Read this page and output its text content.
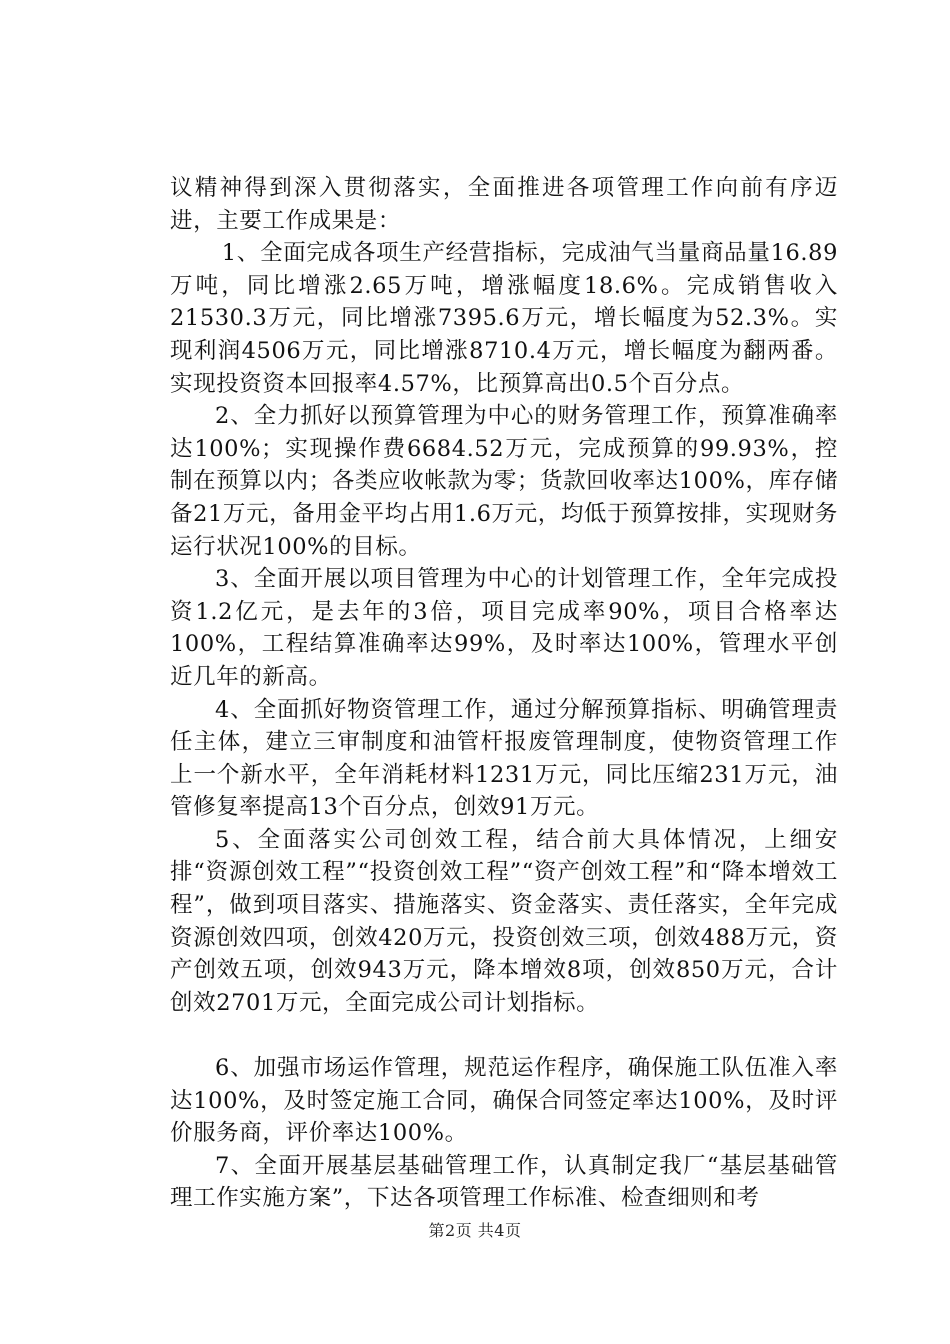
议精神得到深入贯彻落实，全面推进各项管理工作向前有序迈进，主要工作成果是：

1、全面完成各项生产经营指标，完成油气当量商品量16.89万吨，同比增涨2.65万吨，增涨幅度18.6%。完成销售收入21530.3万元，同比增涨7395.6万元，增长幅度为52.3%。实现利润4506万元，同比增涨8710.4万元，增长幅度为翻两番。实现投资资本回报率4.57%，比预算高出0.5个百分点。

2、全力抓好以预算管理为中心的财务管理工作，预算准确率达100%；实现操作费6684.52万元，完成预算的99.93%，控制在预算以内；各类应收帐款为零；货款回收率达100%，库存储备21万元，备用金平均占用1.6万元，均低于预算按排，实现财务运行状况100%的目标。

3、全面开展以项目管理为中心的计划管理工作，全年完成投资1.2亿元，是去年的3倍，项目完成率90%，项目合格率达100%，工程结算准确率达99%，及时率达100%，管理水平创近几年的新高。

4、全面抓好物资管理工作，通过分解预算指标、明确管理责任主体，建立三审制度和油管杆报废管理制度，使物资管理工作上一个新水平，全年消耗材料1231万元，同比压缩231万元，油管修复率提高13个百分点，创效91万元。

5、全面落实公司创效工程，结合前大具体情况，上细安排“资源创效工程”“投资创效工程”“资产创效工程”和“降本增效工程”，做到项目落实、措施落实、资金落实、责任落实，全年完成资源创效四项，创效420万元，投资创效三项，创效488万元，资产创效五项，创效943万元，降本增效8项，创效850万元，合计创效2701万元，全面完成公司计划指标。

6、加强市场运作管理，规范运作程序，确保施工队伍准入率达100%，及时签定施工合同，确保合同签定率达100%，及时评价服务商，评价率达100%。

7、全面开展基层基础管理工作，认真制定我厂“基层基础管理工作实施方案”，下达各项管理工作标准、检查细则和考

第2页 共4页
